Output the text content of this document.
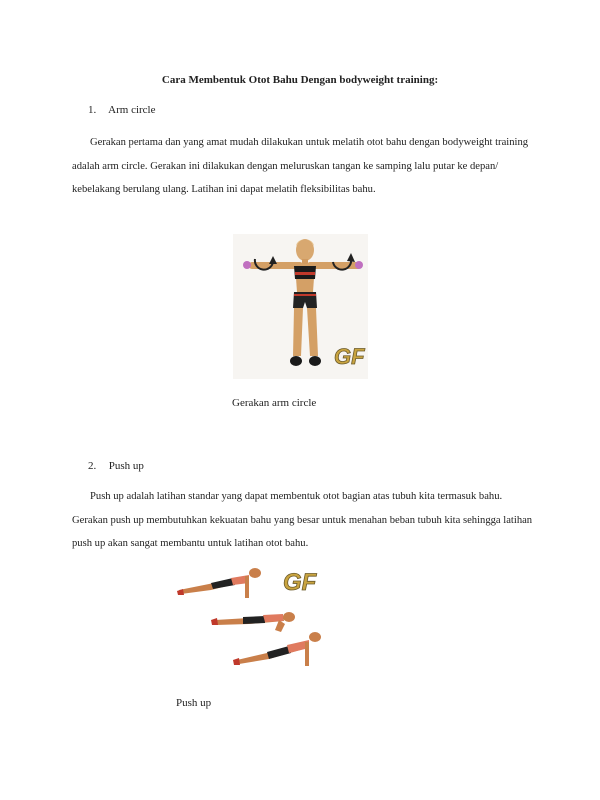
Cara Membentuk Otot Bahu Dengan bodyweight training:
1. Arm circle
Gerakan pertama dan yang amat mudah dilakukan untuk melatih otot bahu dengan bodyweight training adalah arm circle. Gerakan ini dilakukan dengan meluruskan tangan ke samping lalu putar ke depan/ kebelakang berulang ulang. Latihan ini dapat melatih fleksibilitas bahu.
GF
Gerakan arm circle
2. Push up
Push up adalah latihan standar yang dapat membentuk otot bagian atas tubuh kita termasuk bahu. Gerakan push up membutuhkan kekuatan bahu yang besar untuk menahan beban tubuh kita sehingga latihan push up akan sangat membantu untuk latihan otot bahu.
GF
Push up
